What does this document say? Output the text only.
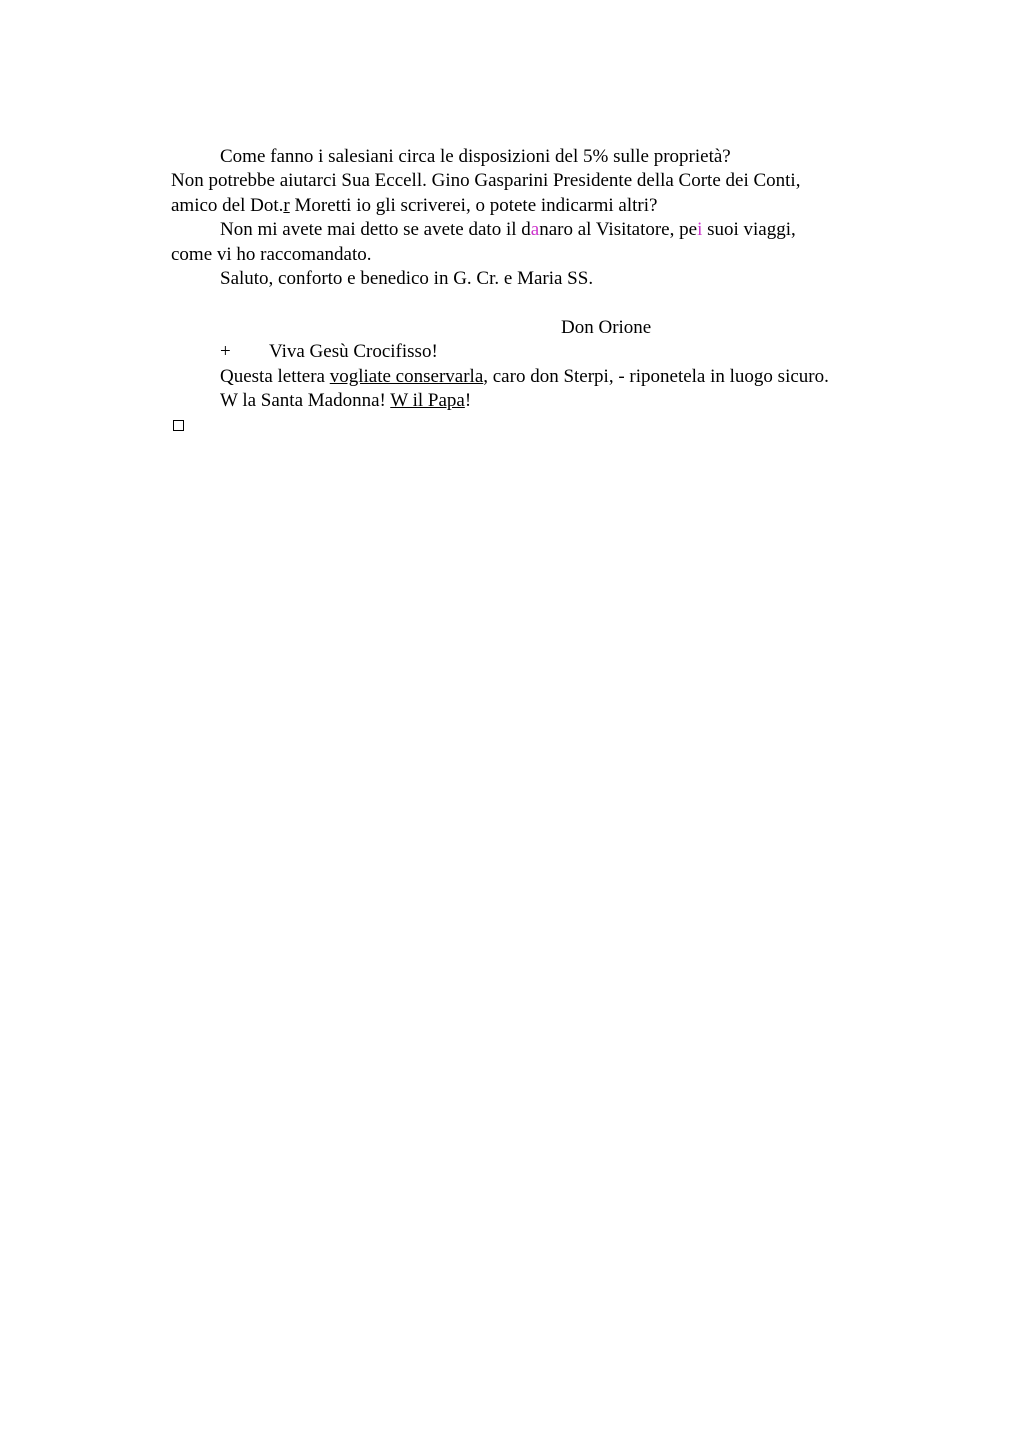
Come fanno i salesiani circa le disposizioni del 5% sulle proprietà?
Non potrebbe aiutarci Sua Eccell. Gino Gasparini Presidente della Corte dei Conti,
amico del Dot.r Moretti io gli scriverei, o potete indicarmi altri?
Non mi avete mai detto se avete dato il danaro al Visitatore, pei suoi viaggi,
come vi ho raccomandato.
Saluto, conforto e benedico in G. Cr. e Maria SS.
Don Orione
+ Viva Gesù Crocifisso!
Questa lettera vogliate conservarla, caro don Sterpi, - riponetela in luogo sicuro.
W la Santa Madonna! W il Papa!
